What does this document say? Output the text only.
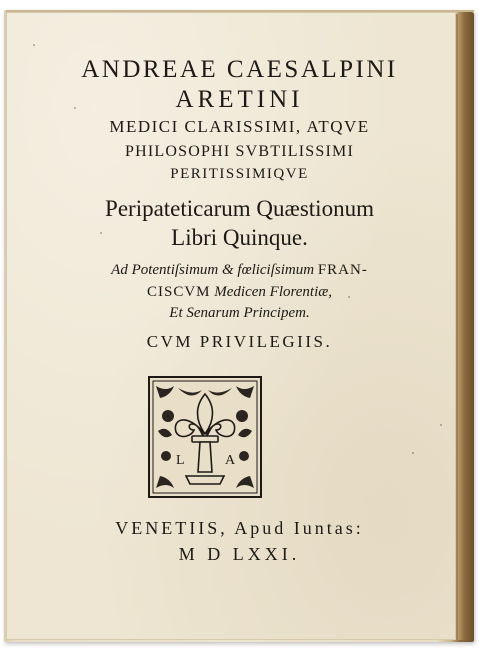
ANDREAE CAESALPINI
ARETINI
MEDICI CLARISSIMI, ATQVE
PHILOSOPHI SVBTILISSIMI
PERITISSIMIQVE
Peripateticarum Quæstionum
Libri Quinque.
Ad Potentiſsimum & fœliciſsimum FRAN-
CISCVM Medicen Florentiæ,
Et Senarum Principem.
CVM PRIVILEGIIS.
L	A
VENETIIS, Apud Iuntas:
M D LXXI.
